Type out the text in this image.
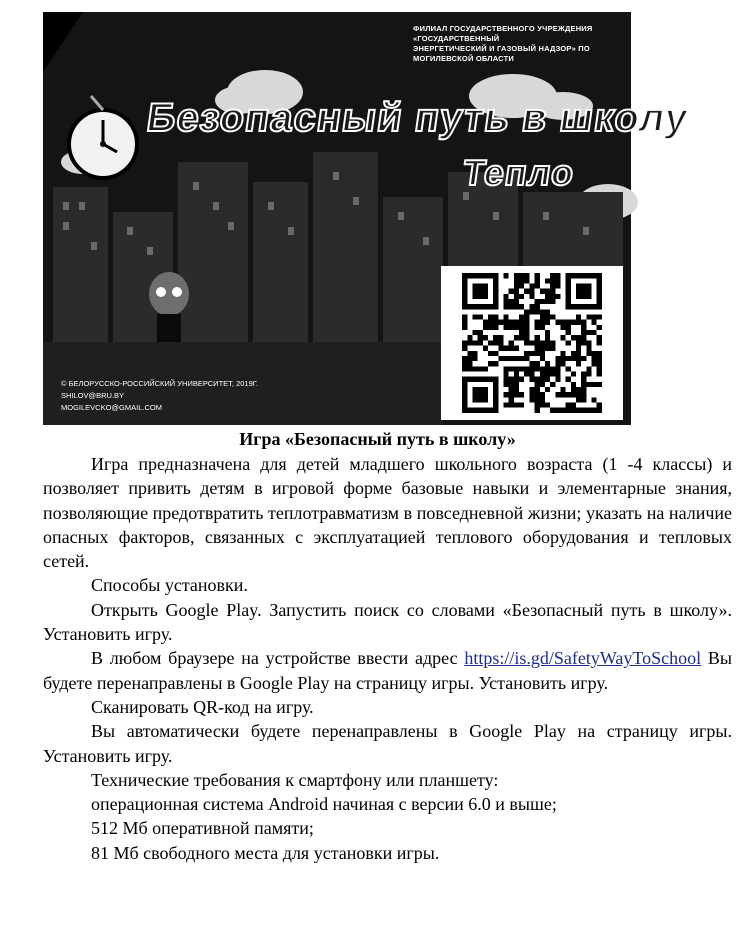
ФИЛИАЛ ГОСУДАРСТВЕННОГО УЧРЕЖДЕНИЯ «ГОСУДАРСТВЕННЫЙ
ЭНЕРГЕТИЧЕСКИЙ И ГАЗОВЫЙ НАДЗОР» ПО МОГИЛЕВСКОЙ ОБЛАСТИ
Безопасный путь в школу
Тепло
© БЕЛОРУССКО-РОССИЙСКИЙ УНИВЕРСИТЕТ, 2019Г.
SHILOV@BRU.BY
MOGILEVCKO@GMAIL.COM
Игра «Безопасный путь в школу»

Игра предназначена для детей младшего школьного возраста (1 -4 классы) и позволяет привить детям в игровой форме базовые навыки и элементарные знания, позволяющие предотвратить теплотравматизм в повседневной жизни; указать на наличие опасных факторов, связанных с эксплуатацией теплового оборудования и тепловых сетей.

Способы установки.

Открыть Google Play. Запустить поиск со словами «Безопасный путь в школу». Установить игру.

В любом браузере на устройстве ввести адрес https://is.gd/SafetyWayToSchool Вы будете перенаправлены в Google Play на страницу игры. Установить игру.

Сканировать QR-код на игру.

Вы автоматически будете перенаправлены в Google Play на страницу игры. Установить игру.

Технические требования к смартфону или планшету:

операционная система Android начиная с версии 6.0 и выше;

512 Мб оперативной памяти;

81 Мб свободного места для установки игры.
